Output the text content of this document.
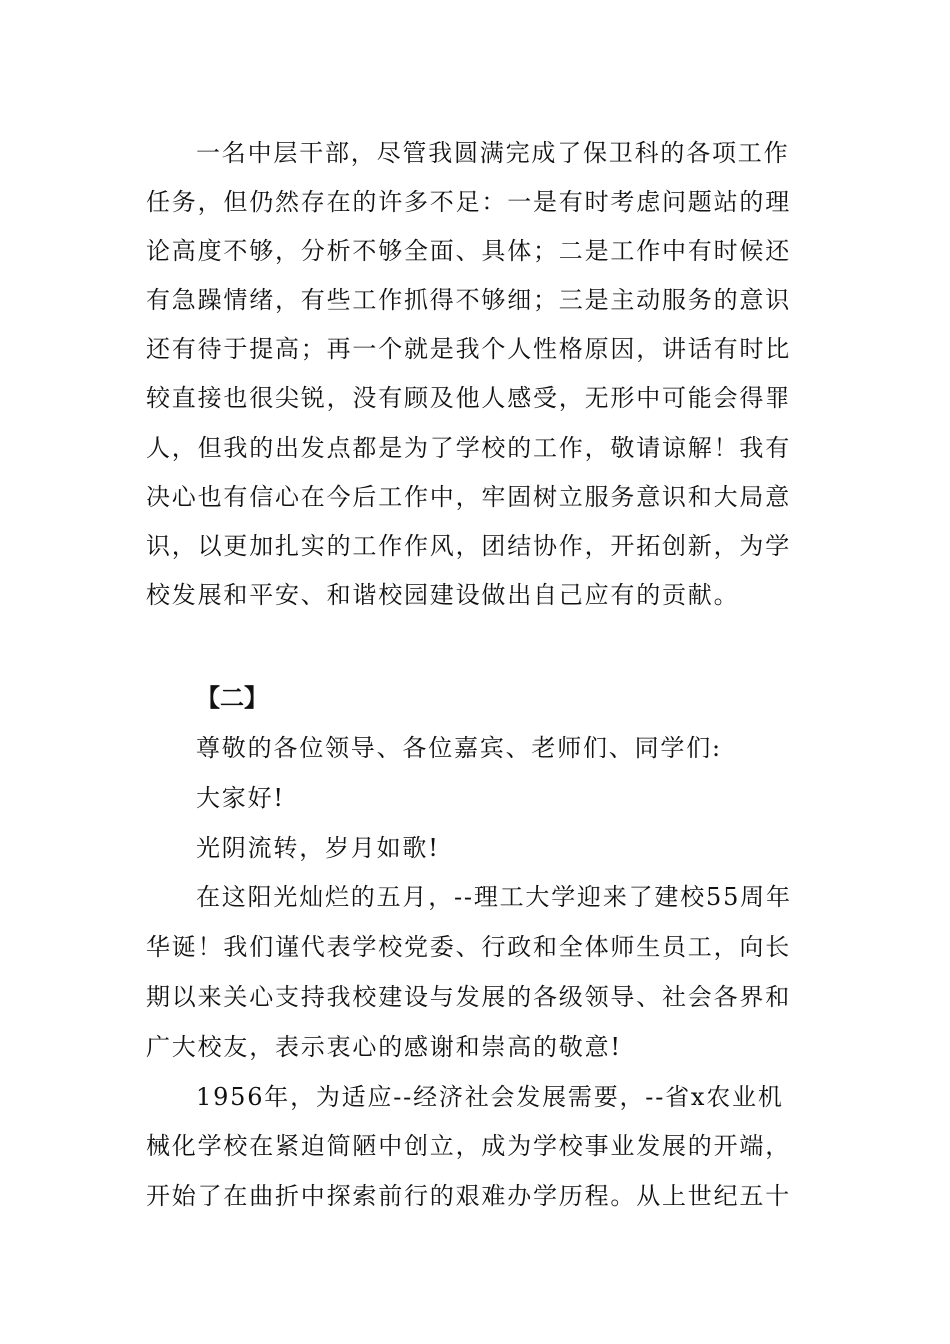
一名中层干部，尽管我圆满完成了保卫科的各项工作
任务，但仍然存在的许多不足：一是有时考虑问题站的理
论高度不够，分析不够全面、具体；二是工作中有时候还
有急躁情绪，有些工作抓得不够细；三是主动服务的意识
还有待于提高；再一个就是我个人性格原因，讲话有时比
较直接也很尖锐，没有顾及他人感受，无形中可能会得罪
人，但我的出发点都是为了学校的工作，敬请谅解！我有
决心也有信心在今后工作中，牢固树立服务意识和大局意
识，以更加扎实的工作作风，团结协作，开拓创新，为学
校发展和平安、和谐校园建设做出自己应有的贡献。
【二】
尊敬的各位领导、各位嘉宾、老师们、同学们:
大家好!
光阴流转，岁月如歌!
在这阳光灿烂的五月，--理工大学迎来了建校55周年
华诞！我们谨代表学校党委、行政和全体师生员工，向长
期以来关心支持我校建设与发展的各级领导、社会各界和
广大校友，表示衷心的感谢和崇高的敬意!
1956年，为适应--经济社会发展需要，--省x农业机
械化学校在紧迫简陋中创立，成为学校事业发展的开端，
开始了在曲折中探索前行的艰难办学历程。从上世纪五十
